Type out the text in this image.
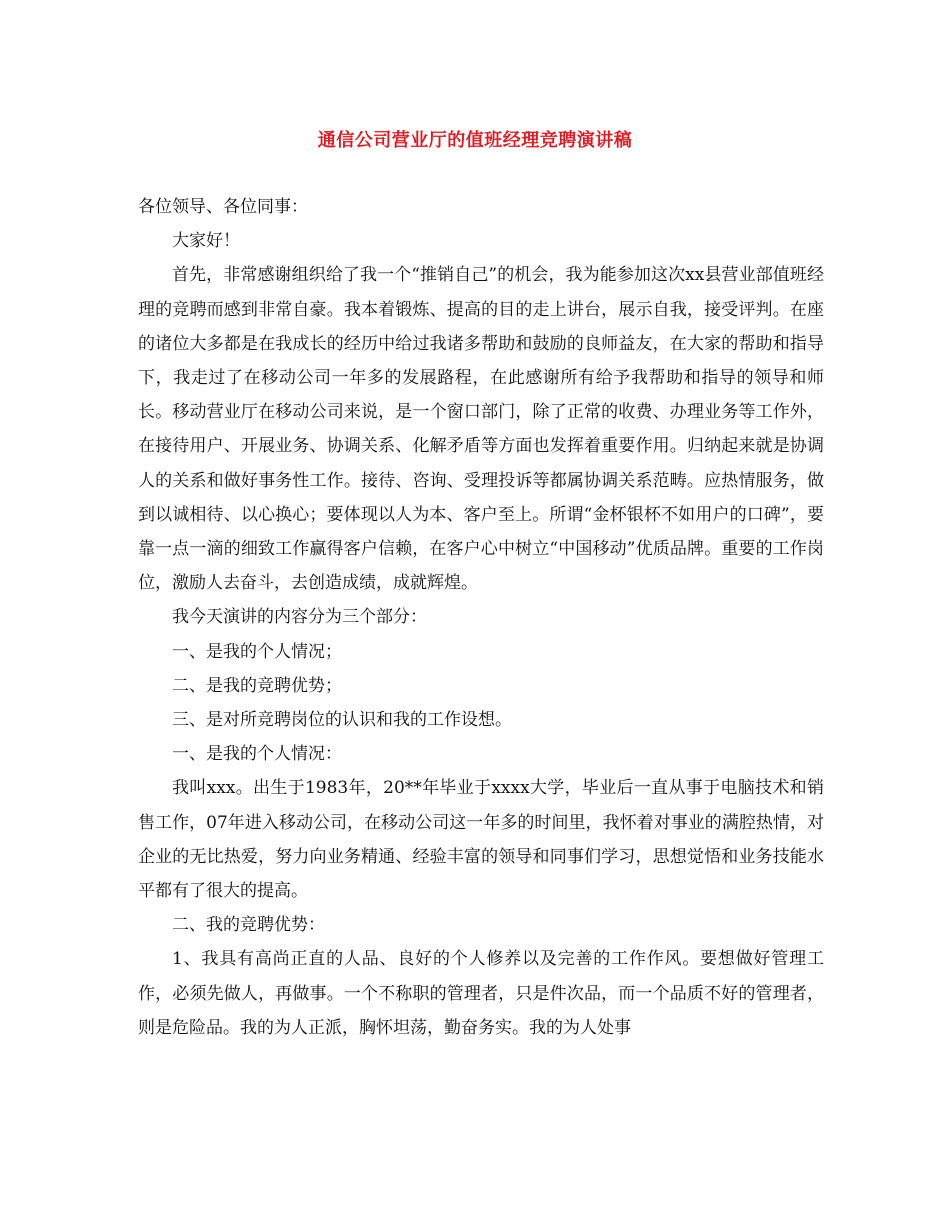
通信公司营业厅的值班经理竞聘演讲稿

各位领导、各位同事：

大家好！

首先，非常感谢组织给了我一个“推销自己”的机会，我为能参加这次xx县营业部值班经理的竞聘而感到非常自豪。我本着锻炼、提高的目的走上讲台，展示自我，接受评判。在座的诸位大多都是在我成长的经历中给过我诸多帮助和鼓励的良师益友，在大家的帮助和指导下，我走过了在移动公司一年多的发展路程，在此感谢所有给予我帮助和指导的领导和师长。移动营业厅在移动公司来说，是一个窗口部门，除了正常的收费、办理业务等工作外，在接待用户、开展业务、协调关系、化解矛盾等方面也发挥着重要作用。归纳起来就是协调人的关系和做好事务性工作。接待、咨询、受理投诉等都属协调关系范畴。应热情服务，做到以诚相待、以心换心；要体现以人为本、客户至上。所谓“金杯银杯不如用户的口碑”，要靠一点一滴的细致工作赢得客户信赖，在客户心中树立“中国移动”优质品牌。重要的工作岗位，激励人去奋斗，去创造成绩，成就辉煌。

我今天演讲的内容分为三个部分：

一、是我的个人情况；

二、是我的竞聘优势；

三、是对所竞聘岗位的认识和我的工作设想。

一、是我的个人情况：

我叫xxx。出生于1983年，20**年毕业于xxxx大学，毕业后一直从事于电脑技术和销售工作，07年进入移动公司，在移动公司这一年多的时间里，我怀着对事业的满腔热情，对企业的无比热爱，努力向业务精通、经验丰富的领导和同事们学习，思想觉悟和业务技能水平都有了很大的提高。

二、我的竞聘优势：

1、我具有高尚正直的人品、良好的个人修养以及完善的工作作风。要想做好管理工作，必须先做人，再做事。一个不称职的管理者，只是件次品，而一个品质不好的管理者，则是危险品。我的为人正派，胸怀坦荡，勤奋务实。我的为人处事
